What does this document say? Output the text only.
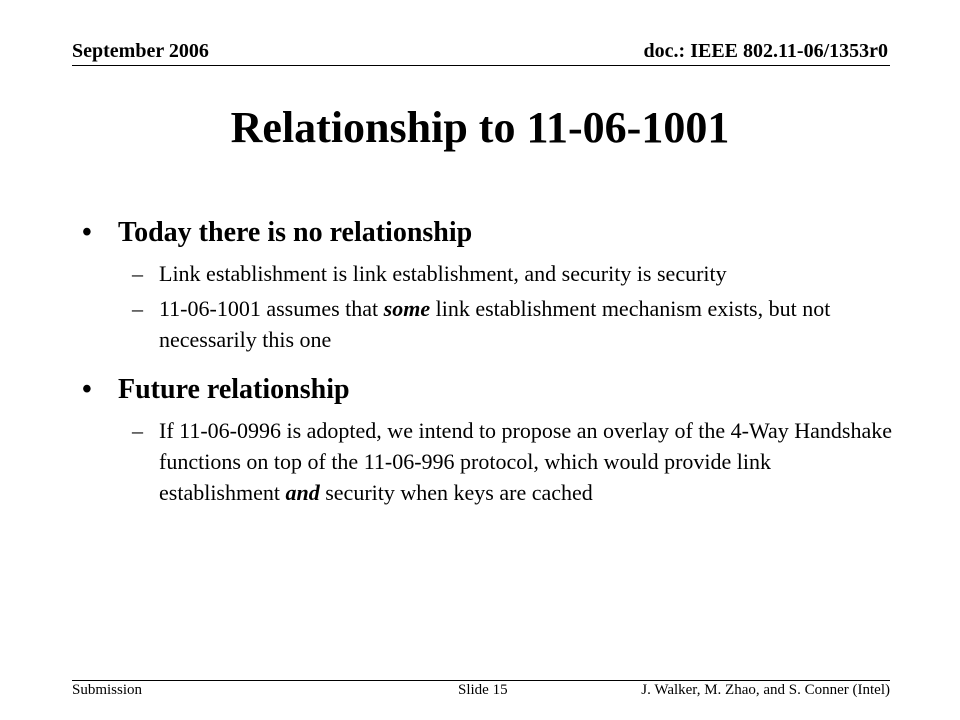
September 2006	doc.: IEEE 802.11-06/1353r0
Relationship to 11-06-1001
• Today there is no relationship
– Link establishment is link establishment, and security is security
– 11-06-1001 assumes that some link establishment mechanism exists, but not necessarily this one
• Future relationship
– If 11-06-0996 is adopted, we intend to propose an overlay of the 4-Way Handshake functions on top of the 11-06-996 protocol, which would provide link establishment and security when keys are cached
Submission	Slide 15	J. Walker, M. Zhao, and S. Conner (Intel)
